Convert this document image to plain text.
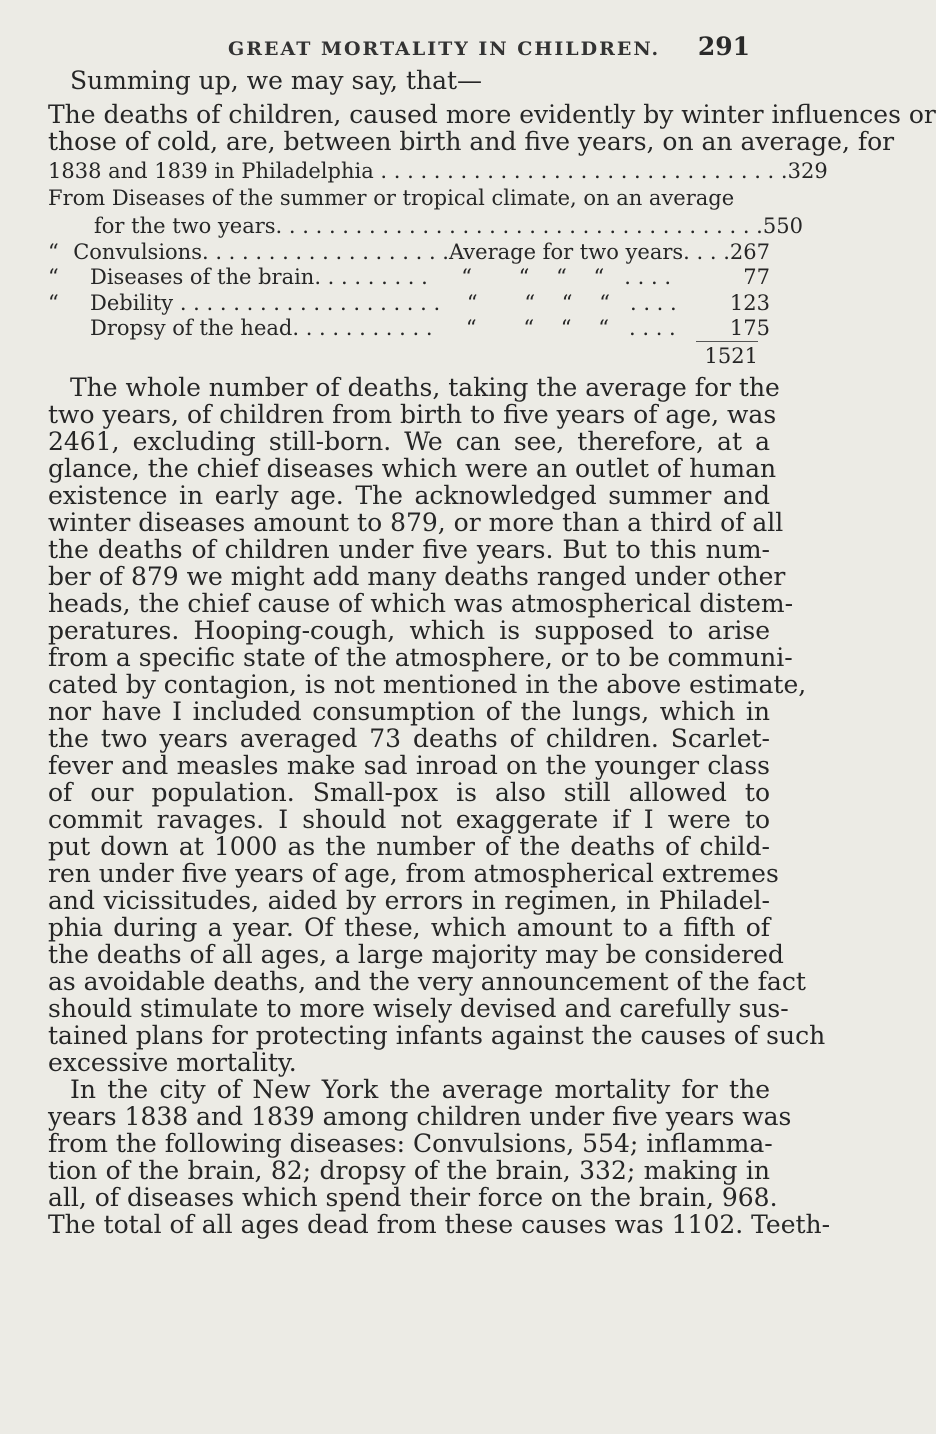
GREAT MORTALITY IN CHILDREN. 291
Summing up, we may say, that—
The deaths of children, caused more evidently by winter influences or
those of cold, are, between birth and five years, on an average, for
1838 and 1839 in Philadelphia . . . . . . . . . . . . . . . . . . . . . . . . . . . . . . . 329
From Diseases of the summer or tropical climate, on an average
for the two years. . . . . . . . . . . . . . . . . . . . . . . . . . . . . . . . . . . . . 550
“ Convulsions. . . . . . . . . . . . . . . . . . .Average for two years. . . . 267
“	Diseases of the brain. . . . . . . . .     “       “    “    “   . . . .	77
“	Debility . . . . . . . . . . . . . . . . . . . .    “       “    “    “   . . . .	123
Dropsy of the head. . . . . . . . . . .     “       “    “    “   . . . .	175
1521
The whole number of deaths, taking the average for the
two years, of children from birth to five years of age, was
2461, excluding still-born. We can see, therefore, at a
glance, the chief diseases which were an outlet of human
existence in early age. The acknowledged summer and
winter diseases amount to 879, or more than a third of all
the deaths of children under five years. But to this num-
ber of 879 we might add many deaths ranged under other
heads, the chief cause of which was atmospherical distem-
peratures. Hooping-cough, which is supposed to arise
from a specific state of the atmosphere, or to be communi-
cated by contagion, is not mentioned in the above estimate,
nor have I included consumption of the lungs, which in
the two years averaged 73 deaths of children. Scarlet-
fever and measles make sad inroad on the younger class
of our population. Small-pox is also still allowed to
commit ravages. I should not exaggerate if I were to
put down at 1000 as the number of the deaths of child-
ren under five years of age, from atmospherical extremes
and vicissitudes, aided by errors in regimen, in Philadel-
phia during a year. Of these, which amount to a fifth of
the deaths of all ages, a large majority may be considered
as avoidable deaths, and the very announcement of the fact
should stimulate to more wisely devised and carefully sus-
tained plans for protecting infants against the causes of such
excessive mortality.
In the city of New York the average mortality for the
years 1838 and 1839 among children under five years was
from the following diseases: Convulsions, 554; inflamma-
tion of the brain, 82; dropsy of the brain, 332; making in
all, of diseases which spend their force on the brain, 968.
The total of all ages dead from these causes was 1102. Teeth-
